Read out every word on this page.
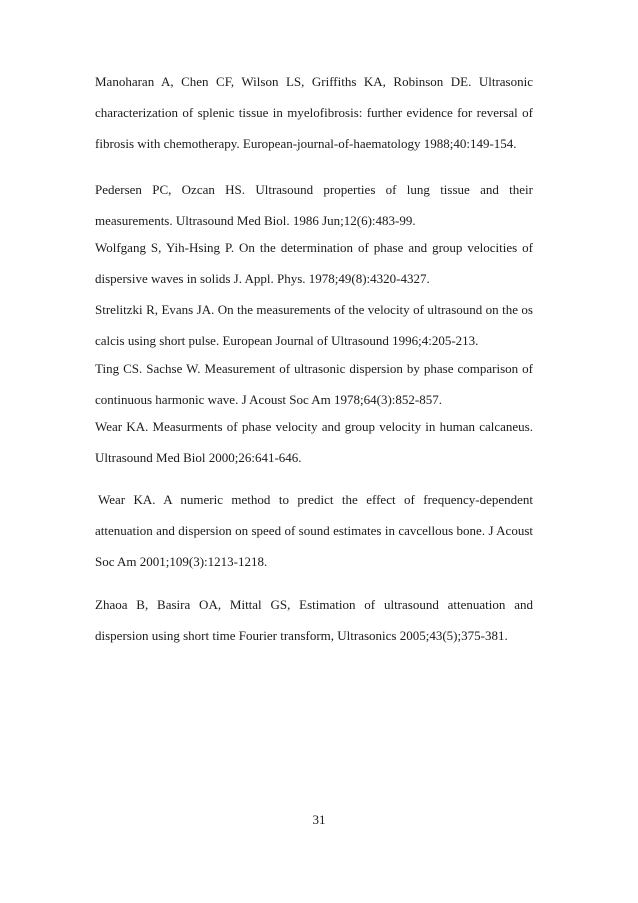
Manoharan A, Chen CF, Wilson LS, Griffiths KA, Robinson DE. Ultrasonic characterization of splenic tissue in myelofibrosis: further evidence for reversal of fibrosis with chemotherapy. European-journal-of-haematology 1988;40:149-154.

Pedersen PC, Ozcan HS. Ultrasound properties of lung tissue and their measurements. Ultrasound Med Biol. 1986 Jun;12(6):483-99.

Wolfgang S, Yih-Hsing P. On the determination of phase and group velocities of dispersive waves in solids J. Appl. Phys. 1978;49(8):4320-4327.

Strelitzki R, Evans JA. On the measurements of the velocity of ultrasound on the os calcis using short pulse. European Journal of Ultrasound 1996;4:205-213.

Ting CS. Sachse W. Measurement of ultrasonic dispersion by phase comparison of continuous harmonic wave. J Acoust Soc Am 1978;64(3):852-857.

Wear KA. Measurments of phase velocity and group velocity in human calcaneus. Ultrasound Med Biol 2000;26:641-646.

Wear KA. A numeric method to predict the effect of frequency-dependent attenuation and dispersion on speed of sound estimates in cavcellous bone. J Acoust Soc Am 2001;109(3):1213-1218.

Zhaoa B, Basira OA, Mittal GS, Estimation of ultrasound attenuation and dispersion using short time Fourier transform, Ultrasonics 2005;43(5);375-381.

31
